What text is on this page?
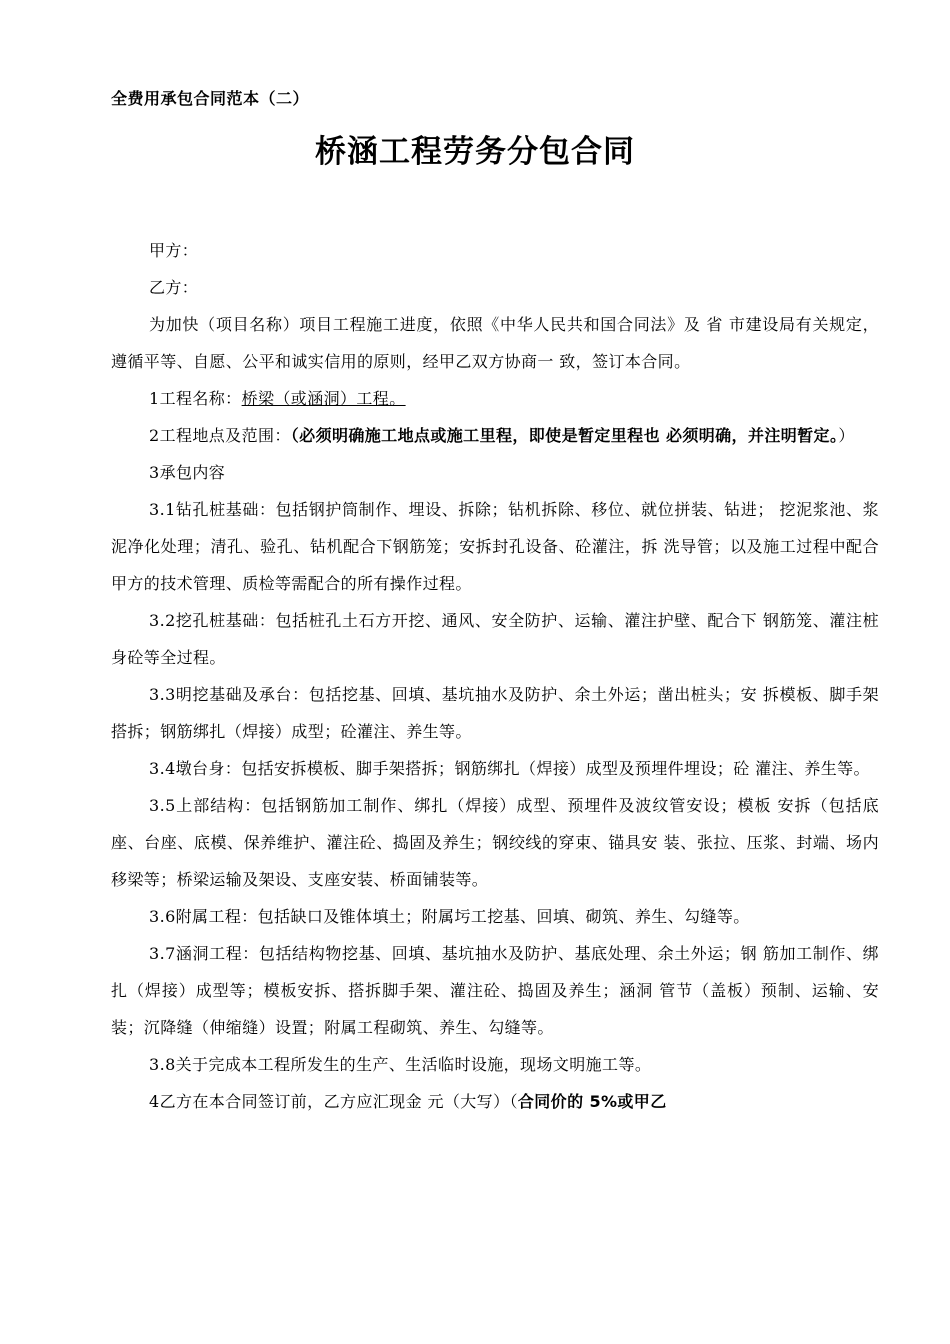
全费用承包合同范本（二）
桥涵工程劳务分包合同

甲方：

乙方：

为加快（项目名称）项目工程施工进度，依照《中华人民共和国合同法》及 省 市建设局有关规定，遵循平等、自愿、公平和诚实信用的原则，经甲乙双方协商一 致，签订本合同。

1工程名称：桥梁（或涵洞）工程。

2工程地点及范围：（必须明确施工地点或施工里程，即使是暂定里程也 必须明确，并注明暂定。）

3承包内容

3.1钻孔桩基础：包括钢护筒制作、埋设、拆除；钻机拆除、移位、就位拼装、钻进； 挖泥浆池、浆泥净化处理；清孔、验孔、钻机配合下钢筋笼；安拆封孔设备、砼灌注，拆 洗导管；以及施工过程中配合甲方的技术管理、质检等需配合的所有操作过程。

3.2挖孔桩基础：包括桩孔土石方开挖、通风、安全防护、运输、灌注护壁、配合下 钢筋笼、灌注桩身砼等全过程。

3.3明挖基础及承台：包括挖基、回填、基坑抽水及防护、余土外运；凿出桩头；安 拆模板、脚手架搭拆；钢筋绑扎（焊接）成型；砼灌注、养生等。

3.4墩台身：包括安拆模板、脚手架搭拆；钢筋绑扎（焊接）成型及预埋件埋设；砼 灌注、养生等。

3.5上部结构：包括钢筋加工制作、绑扎（焊接）成型、预埋件及波纹管安设；模板 安拆（包括底座、台座、底模、保养维护、灌注砼、捣固及养生；钢绞线的穿束、锚具安 装、张拉、压浆、封端、场内移梁等；桥梁运输及架设、支座安装、桥面铺装等。

3.6附属工程：包括缺口及锥体填土；附属圬工挖基、回填、砌筑、养生、勾缝等。

3.7涵洞工程：包括结构物挖基、回填、基坑抽水及防护、基底处理、余土外运；钢 筋加工制作、绑扎（焊接）成型等；模板安拆、搭拆脚手架、灌注砼、捣固及养生；涵洞 管节（盖板）预制、运输、安装；沉降缝（伸缩缝）设置；附属工程砌筑、养生、勾缝等。

3.8关于完成本工程所发生的生产、生活临时设施，现场文明施工等。

4乙方在本合同签订前，乙方应汇现金 元（大写）（合同价的 5%或甲乙
